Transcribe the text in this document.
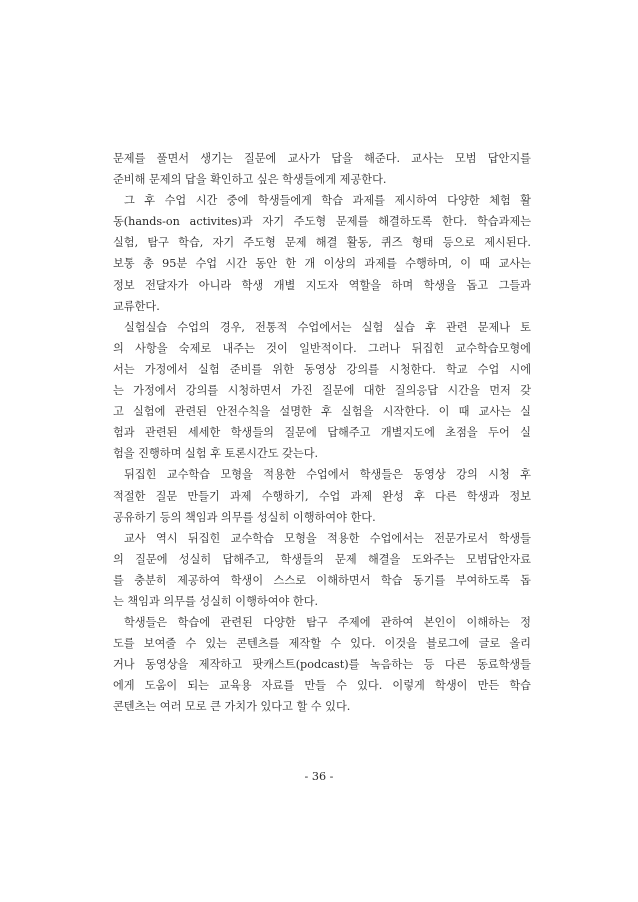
문제를 풀면서 생기는 질문에 교사가 답을 해준다. 교사는 모범 답안지를
준비해 문제의 답을 확인하고 싶은 학생들에게 제공한다.
그 후 수업 시간 중에 학생들에게 학습 과제를 제시하여 다양한 체험 활
동(hands-on activites)과 자기 주도형 문제를 해결하도록 한다. 학습과제는
실험, 탐구 학습, 자기 주도형 문제 해결 활동, 퀴즈 형태 등으로 제시된다.
보통 총 95분 수업 시간 동안 한 개 이상의 과제를 수행하며, 이 때 교사는
정보 전달자가 아니라 학생 개별 지도자 역할을 하며 학생을 돕고 그들과
교류한다.
실험실습 수업의 경우, 전통적 수업에서는 실험 실습 후 관련 문제나 토
의 사항을 숙제로 내주는 것이 일반적이다. 그러나 뒤집힌 교수학습모형에
서는 가정에서 실험 준비를 위한 동영상 강의를 시청한다. 학교 수업 시에
는 가정에서 강의를 시청하면서 가진 질문에 대한 질의응답 시간을 먼저 갖
고 실험에 관련된 안전수칙을 설명한 후 실험을 시작한다. 이 때 교사는 실
험과 관련된 세세한 학생들의 질문에 답해주고 개별지도에 초점을 두어 실
험을 진행하며 실험 후 토론시간도 갖는다.
뒤집힌 교수학습 모형을 적용한 수업에서 학생들은 동영상 강의 시청 후
적절한 질문 만들기 과제 수행하기, 수업 과제 완성 후 다른 학생과 정보
공유하기 등의 책임과 의무를 성실히 이행하여야 한다.
교사 역시 뒤집힌 교수학습 모형을 적용한 수업에서는 전문가로서 학생들
의 질문에 성실히 답해주고, 학생들의 문제 해결을 도와주는 모범답안자료
를 충분히 제공하여 학생이 스스로 이해하면서 학습 동기를 부여하도록 돕
는 책임과 의무를 성실히 이행하여야 한다.
학생들은 학습에 관련된 다양한 탐구 주제에 관하여 본인이 이해하는 정
도를 보여줄 수 있는 콘텐츠를 제작할 수 있다. 이것을 블로그에 글로 올리
거나 동영상을 제작하고 팟캐스트(podcast)를 녹음하는 등 다른 동료학생들
에게 도움이 되는 교육용 자료를 만들 수 있다. 이렇게 학생이 만든 학습
콘텐츠는 여러 모로 큰 가치가 있다고 할 수 있다.

- 36 -
